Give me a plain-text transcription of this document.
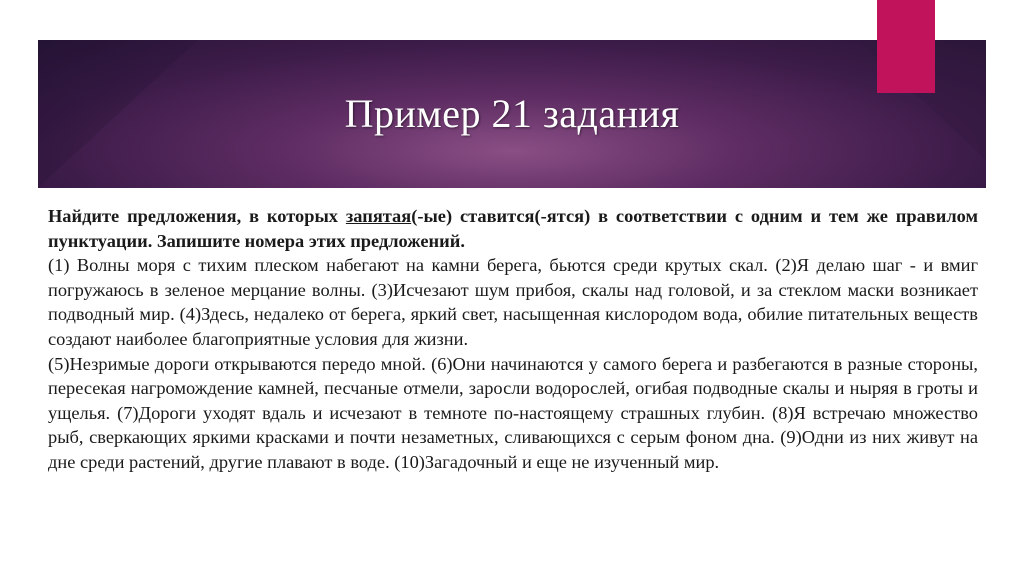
Пример 21 задания

Найдите предложения, в которых запятая(-ые) ставится(-ятся) в соответствии с одним и тем же правилом пунктуации. Запишите номера этих предложений.

(1) Волны моря с тихим плеском набегают на камни берега, бьются среди крутых скал. (2)Я делаю шаг - и вмиг погружаюсь в зеленое мерцание волны. (3)Исчезают шум прибоя, скалы над головой, и за стеклом маски возникает подводный мир. (4)Здесь, недалеко от берега, яркий свет, насыщенная кислородом вода, обилие питательных веществ создают наиболее благоприятные условия для жизни.

(5)Незримые дороги открываются передо мной. (6)Они начинаются у самого берега и разбегаются в разные стороны, пересекая нагромождение камней, песчаные отмели, заросли водорослей, огибая подводные скалы и ныряя в гроты и ущелья. (7)Дороги уходят вдаль и исчезают в темноте по-настоящему страшных глубин. (8)Я встречаю множество рыб, сверкающих яркими красками и почти незаметных, сливающихся с серым фоном дна. (9)Одни из них живут на дне среди растений, другие плавают в воде. (10)Загадочный и еще не изученный мир.
